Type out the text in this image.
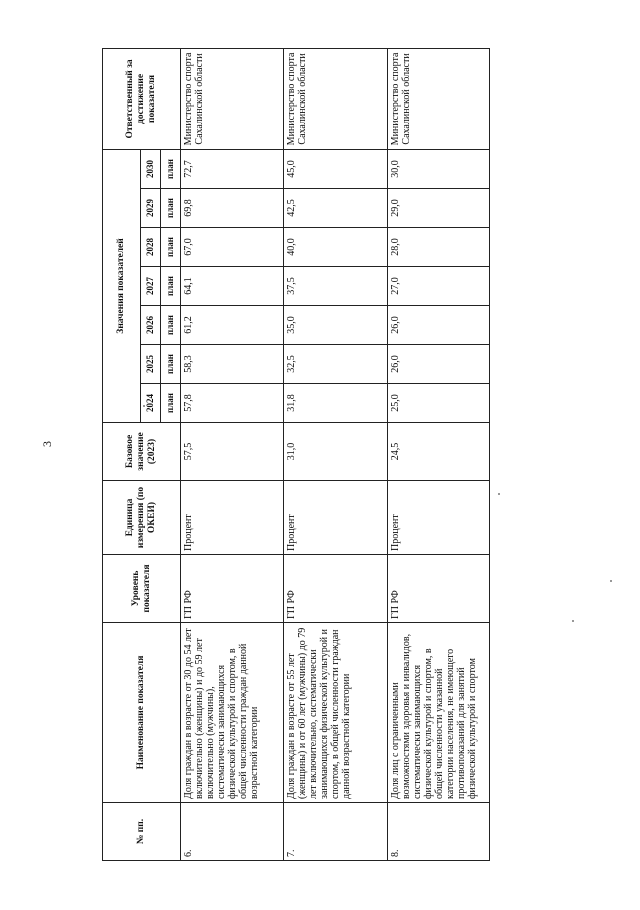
3
№ пп.	Наименование показателя	Уровень показателя	Единица измерения (по ОКЕИ)	Базовое значение (2023)	Значения показателей							Ответственный за достижение показателя
					2024	2025	2026	2027	2028	2029	2030	
					план	план	план	план	план	план	план	
6.	Доля граждан в возрасте от 30 до 54 лет включительно (женщины) и до 59 лет включительно (мужчины), систематически занимающихся физической культурой и спортом, в общей численности граждан данной возрастной категории	ГП РФ	Процент	57,5	57,8	58,3	61,2	64,1	67,0	69,8	72,7	Министерство спорта Сахалинской области
7.	Доля граждан в возрасте от 55 лет (женщины) и от 60 лет (мужчины) до 79 лет включительно, систематически занимающихся физической культурой и спортом, в общей численности граждан данной возрастной категории	ГП РФ	Процент	31,0	31,8	32,5	35,0	37,5	40,0	42,5	45,0	Министерство спорта Сахалинской области
8.	Доля лиц с ограниченными возможностями здоровья и инвалидов, систематически занимающихся физической культурой и спортом, в общей численности указанной категории населения, не имеющего противопоказаний для занятий физической культурой и спортом	ГП РФ	Процент	24,5	25,0	26,0	26,0	27,0	28,0	29,0	30,0	Министерство спорта Сахалинской области
